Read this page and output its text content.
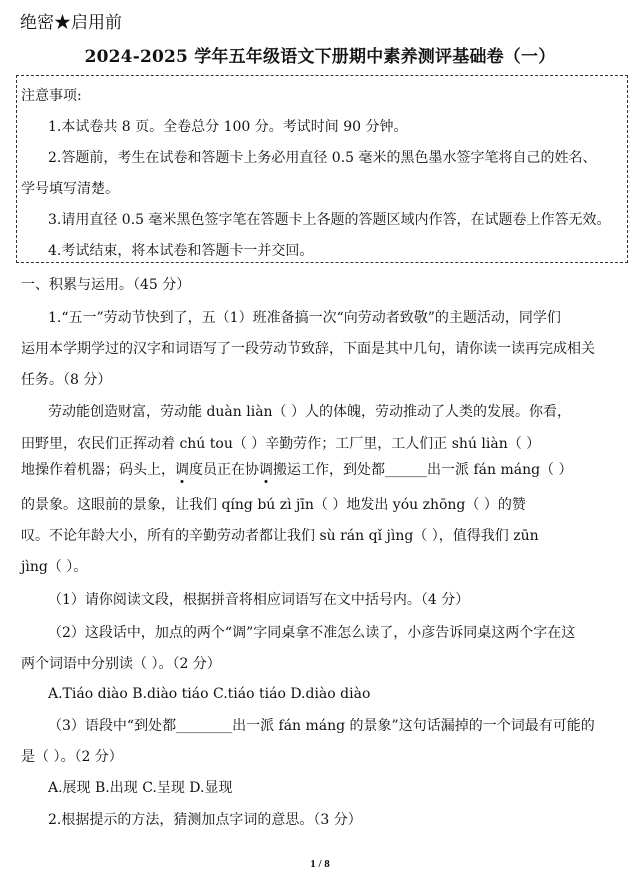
绝密★启用前
2024-2025 学年五年级语文下册期中素养测评基础卷（一）
注意事项:
1.本试卷共 8 页。全卷总分 100 分。考试时间 90 分钟。
2.答题前，考生在试卷和答题卡上务必用直径 0.5 毫米的黑色墨水签字笔将自己的姓名、
学号填写清楚。
3.请用直径 0.5 毫米黑色签字笔在答题卡上各题的答题区域内作答，在试题卷上作答无效。
4.考试结束，将本试卷和答题卡一并交回。
一、积累与运用。（45 分）
1.“五一”劳动节快到了，五（1）班准备搞一次“向劳动者致敬”的主题活动，同学们
运用本学期学过的汉字和词语写了一段劳动节致辞，下面是其中几句，请你读一读再完成相关
任务。（8 分）
劳动能创造财富，劳动能 duàn liàn（ ）人的体魄，劳动推动了人类的发展。你看，
田野里，农民们正挥动着 chú tou（ ）辛勤劳作；工厂里，工人们正 shú liàn（ ）
地操作着机器；码头上，调度员正在协调搬运工作，到处都______出一派 fán máng（ ）
的景象。这眼前的景象，让我们 qíng bú zì jīn（ ）地发出 yóu zhōng（ ）的赞
叹。不论年龄大小，所有的辛勤劳动者都让我们 sù rán qǐ jìng（ ），值得我们 zūn
jìng（ ）。
（1）请你阅读文段，根据拼音将相应词语写在文中括号内。（4 分）
（2）这段话中，加点的两个“调”字同桌拿不准怎么读了，小彦告诉同桌这两个字在这
两个词语中分别读（ ）。（2 分）
A.Tiáo diào B.diào tiáo C.tiáo tiáo D.diào diào
（3）语段中“到处都________出一派 fán máng 的景象”这句话漏掉的一个词最有可能的
是（ ）。（2 分）
A.展现 B.出现 C.呈现 D.显现
2.根据提示的方法，猜测加点字词的意思。（3 分）
1 / 8
